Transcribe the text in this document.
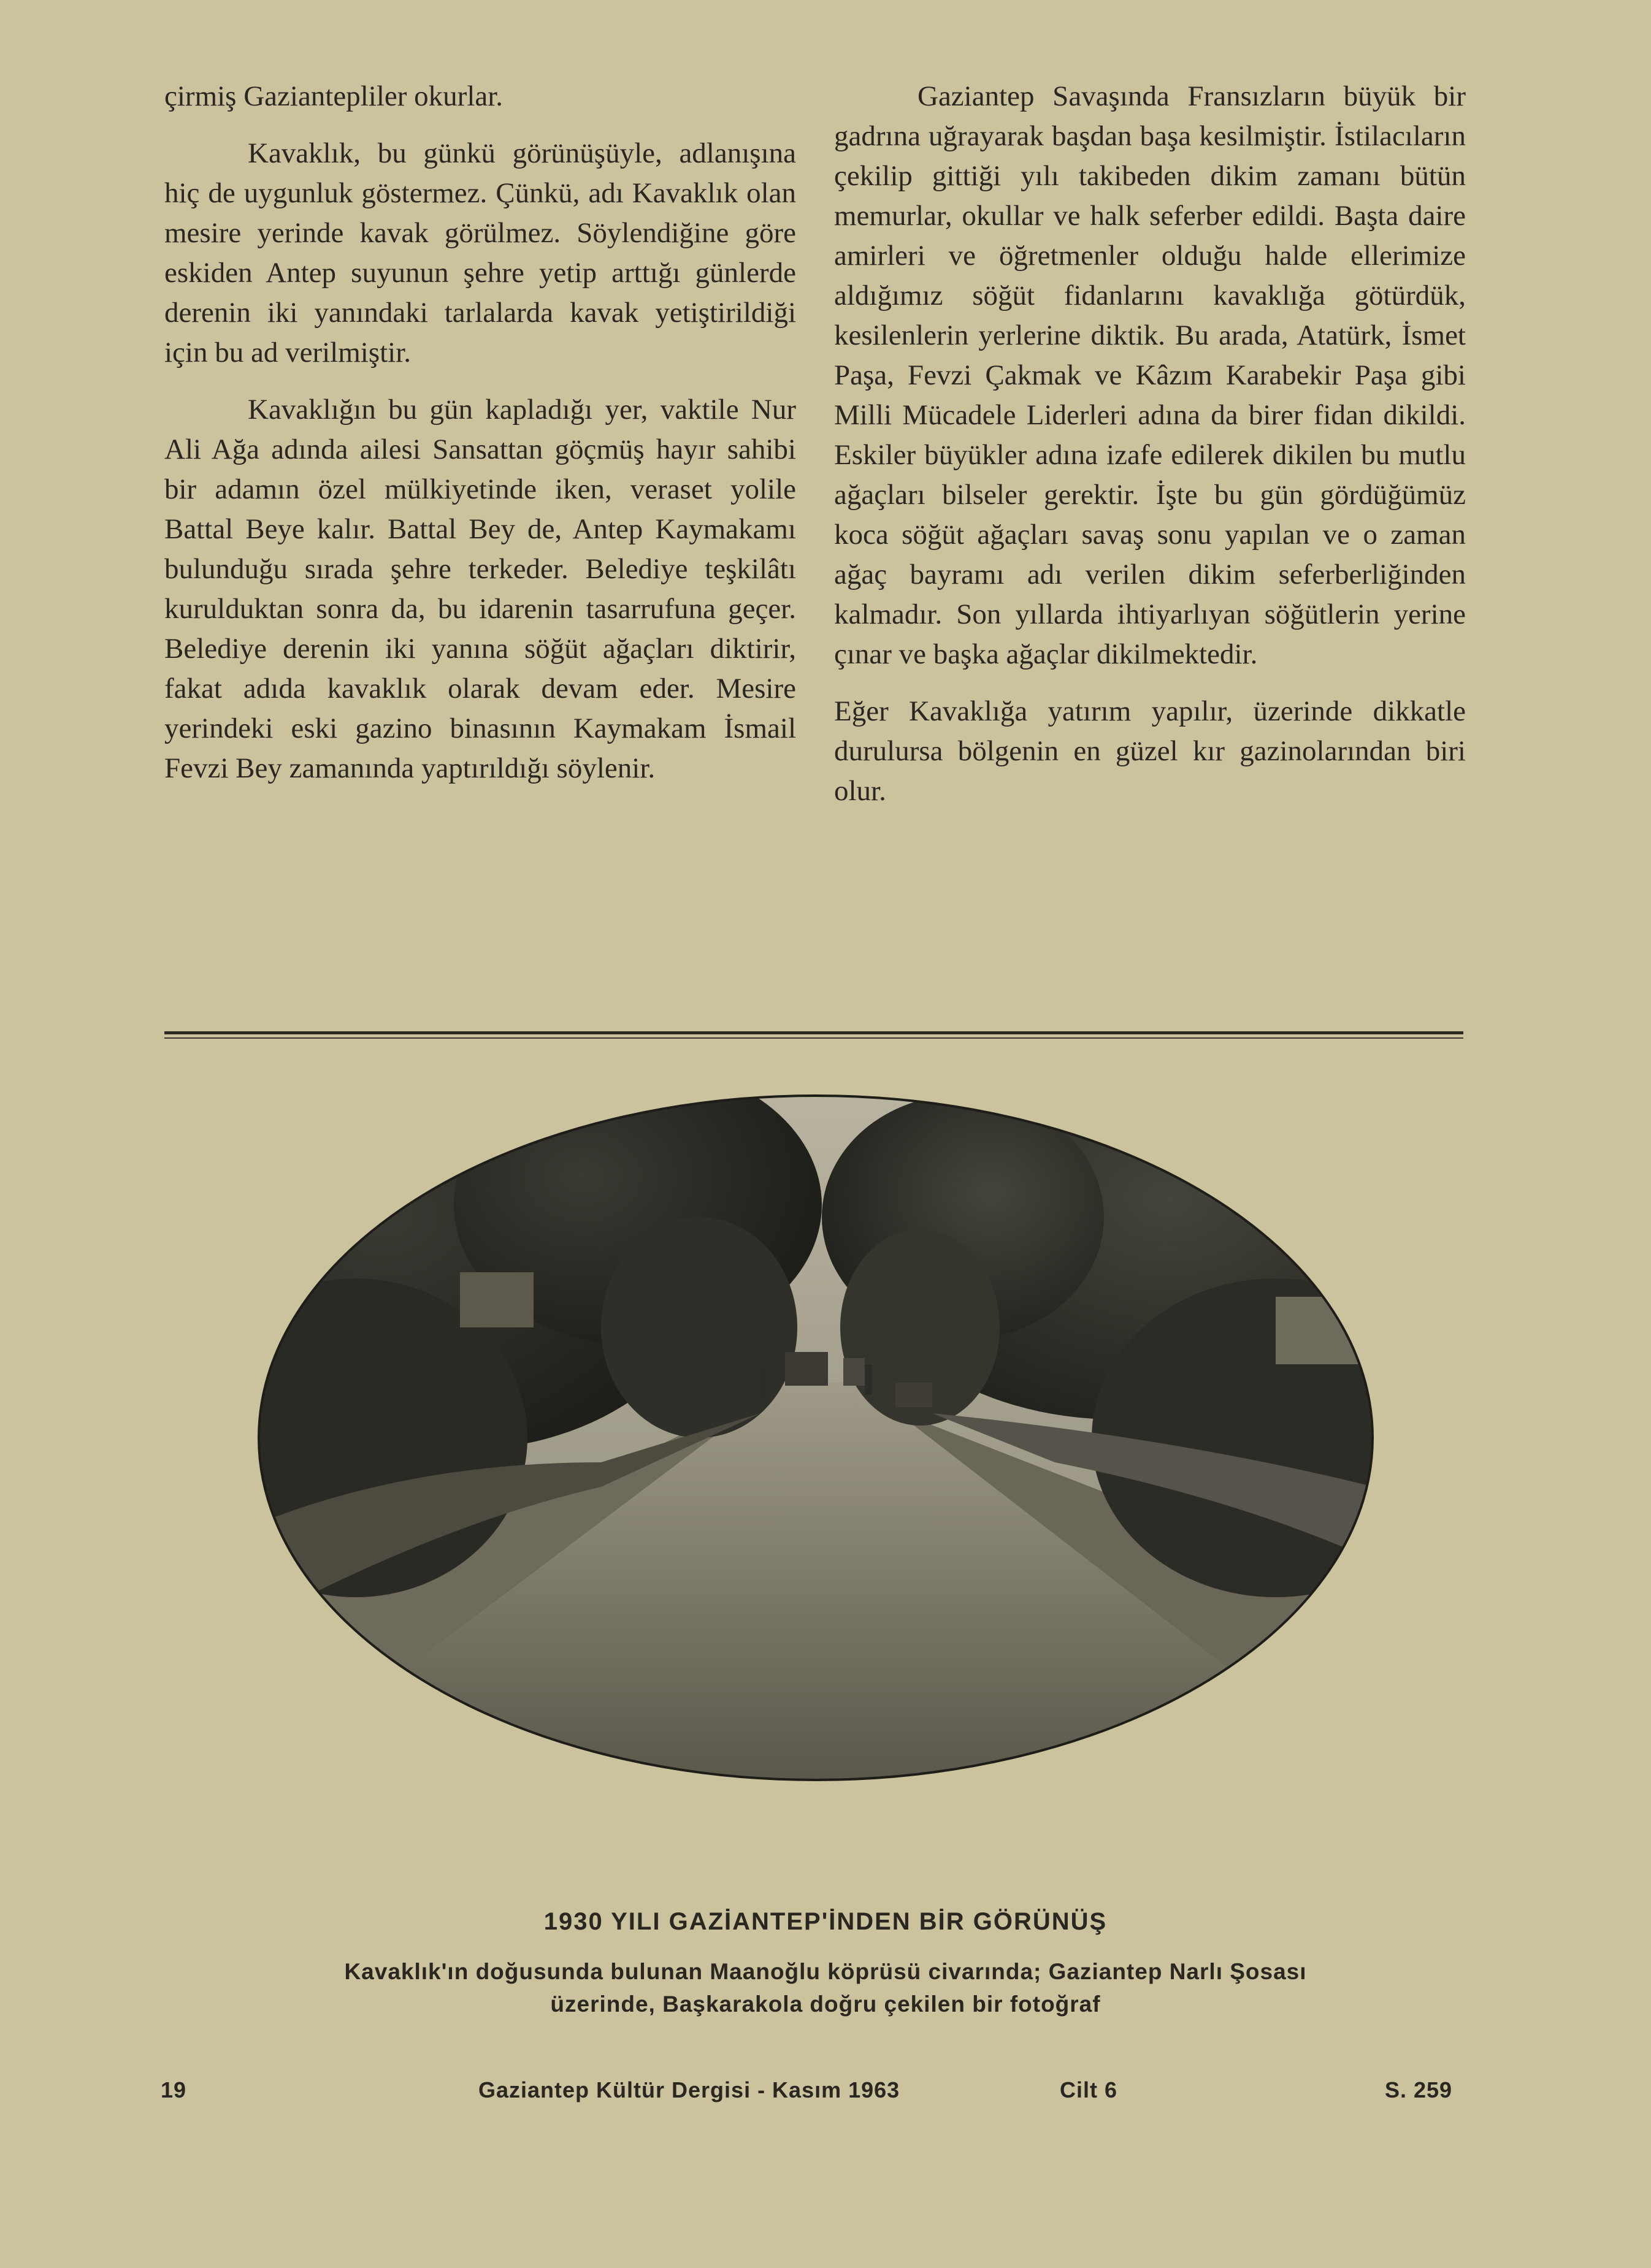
çirmiş Gaziantepliler okurlar.

Kavaklık, bu günkü görünüşüyle, adlanışına hiç de uygunluk göstermez. Çünkü, adı Kavaklık olan mesire yerinde kavak görülmez. Söylendiğine göre eskiden Antep suyunun şehre yetip arttığı günlerde derenin iki yanındaki tarlalarda kavak yetiştirildiği için bu ad verilmiştir.

Kavaklığın bu gün kapladığı yer, vaktile Nur Ali Ağa adında ailesi Sansattan göçmüş hayır sahibi bir adamın özel mülkiyetinde iken, veraset yolile Battal Beye kalır. Battal Bey de, Antep Kaymakamı bulunduğu sırada şehre terkeder. Belediye teşkilâtı kurulduktan sonra da, bu idarenin tasarrufuna geçer. Belediye derenin iki yanına söğüt ağaçları diktirir, fakat adıda kavaklık olarak devam eder. Mesire yerindeki eski gazino binasının Kaymakam İsmail Fevzi Bey zamanında yaptırıldığı söylenir.

Gaziantep Savaşında Fransızların büyük bir gadrına uğrayarak başdan başa kesilmiştir. İstilacıların çekilip gittiği yılı takibeden dikim zamanı bütün memurlar, okullar ve halk seferber edildi. Başta daire amirleri ve öğretmenler olduğu halde ellerimize aldığımız söğüt fidanlarını kavaklığa götürdük, kesilenlerin yerlerine diktik. Bu arada, Atatürk, İsmet Paşa, Fevzi Çakmak ve Kâzım Karabekir Paşa gibi Milli Mücadele Liderleri adına da birer fidan dikildi. Eskiler büyükler adına izafe edilerek dikilen bu mutlu ağaçları bilseler gerektir. İşte bu gün gördüğümüz koca söğüt ağaçları savaş sonu yapılan ve o zaman ağaç bayramı adı verilen dikim seferberliğinden kalmadır. Son yıllarda ihtiyarlıyan söğütlerin yerine çınar ve başka ağaçlar dikilmektedir.

Eğer Kavaklığa yatırım yapılır, üzerinde dikkatle durulursa bölgenin en güzel kır gazinolarından biri olur.

1930 YILI GAZİANTEP'İNDEN BİR GÖRÜNÜŞ
Kavaklık'ın doğusunda bulunan Maanoğlu köprüsü civarında; Gaziantep Narlı Şosası
üzerinde, Başkarakola doğru çekilen bir fotoğraf
19	Gaziantep Kültür Dergisi - Kasım 1963	Cilt 6	S. 259
